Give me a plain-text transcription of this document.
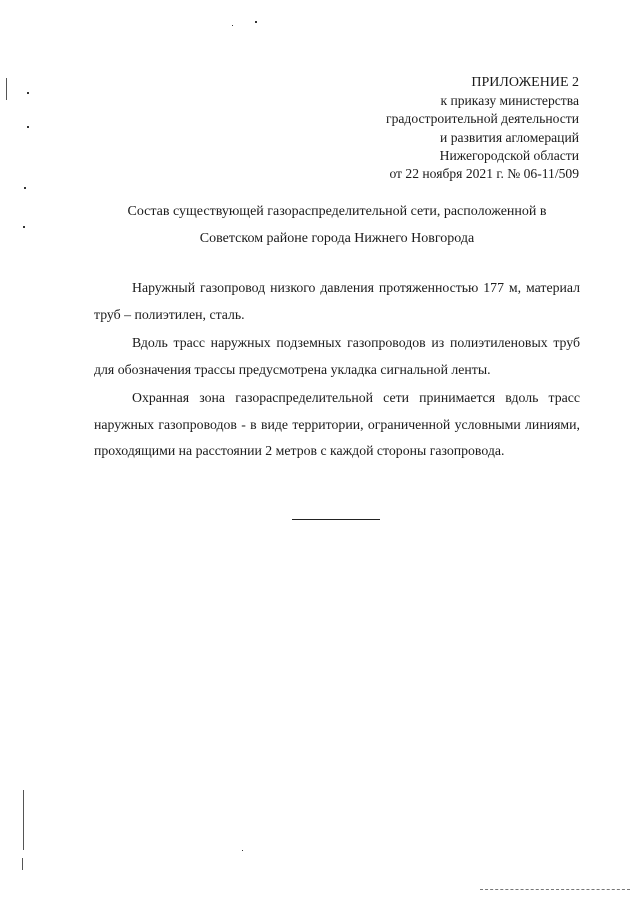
ПРИЛОЖЕНИЕ 2
к приказу министерства
градостроительной деятельности
и развития агломераций
Нижегородской области
от 22 ноября 2021 г. № 06-11/509
Состав существующей газораспределительной сети, расположенной в
Советском районе города Нижнего Новгорода

Наружный газопровод низкого давления протяженностью 177 м, материал труб – полиэтилен, сталь.

Вдоль трасс наружных подземных газопроводов из полиэтиленовых труб для обозначения трассы предусмотрена укладка сигнальной ленты.

Охранная зона газораспределительной сети принимается вдоль трасс наружных газопроводов - в виде территории, ограниченной условными линиями, проходящими на расстоянии 2 метров с каждой стороны газопровода.
